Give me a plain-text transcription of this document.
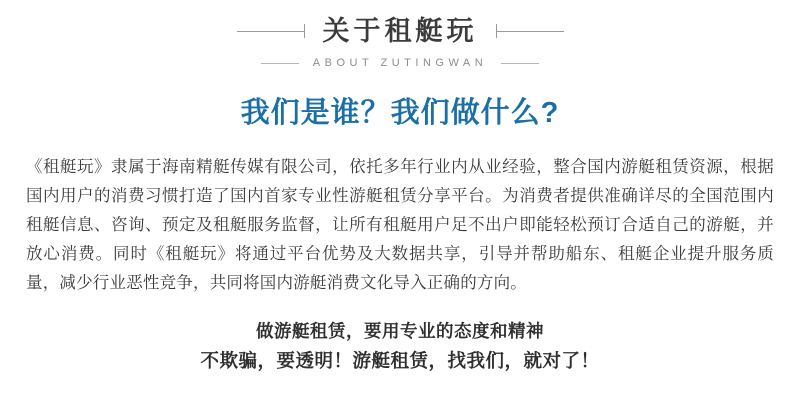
关于租艇玩
ABOUT ZUTINGWAN
我们是谁？我们做什么?
《租艇玩》隶属于海南精艇传媒有限公司，依托多年行业内从业经验，整合国内游艇租赁资源，根据国内用户的消费习惯打造了国内首家专业性游艇租赁分享平台。为消费者提供准确详尽的全国范围内租艇信息、咨询、预定及租艇服务监督，让所有租艇用户足不出户即能轻松预订合适自己的游艇，并放心消费。同时《租艇玩》将通过平台优势及大数据共享，引导并帮助船东、租艇企业提升服务质量，减少行业恶性竞争，共同将国内游艇消费文化导入正确的方向。
做游艇租赁，要用专业的态度和精神
不欺骗，要透明！游艇租赁，找我们，就对了！
